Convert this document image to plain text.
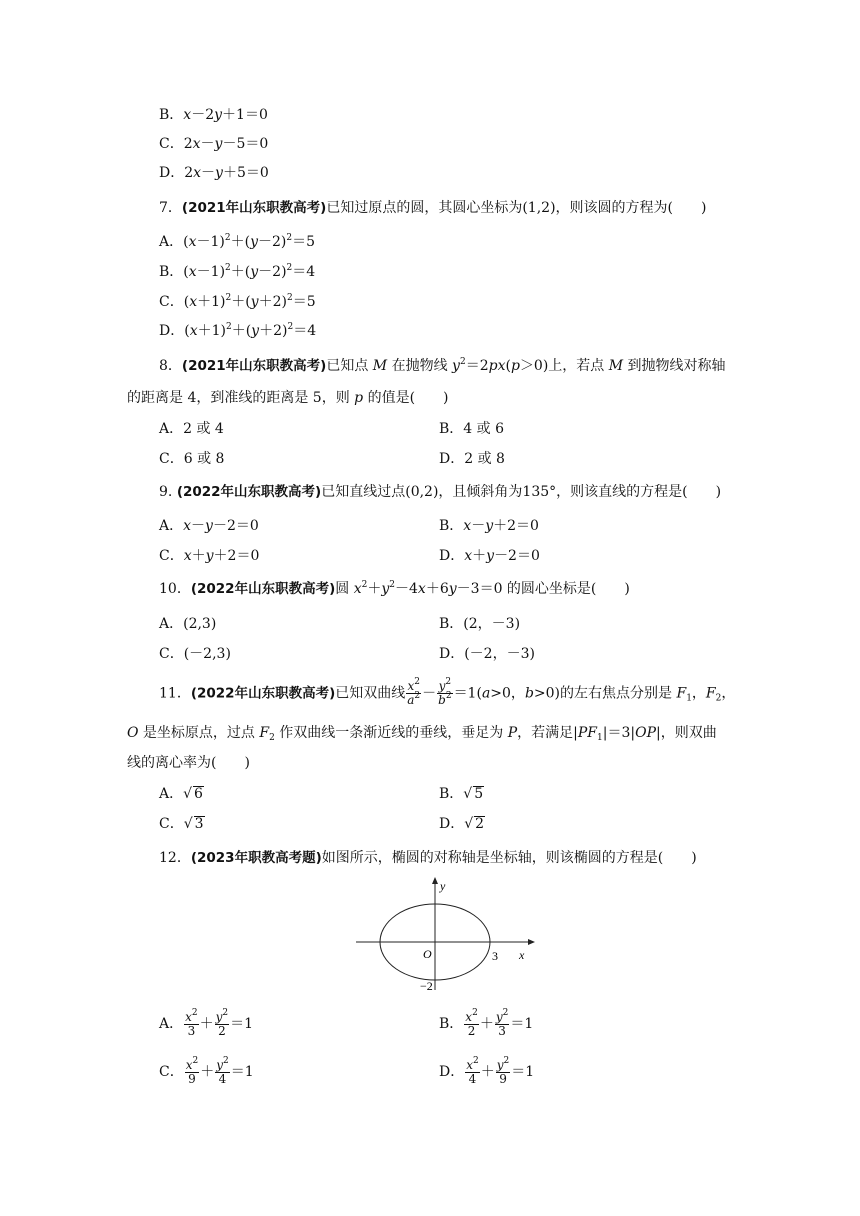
B．x－2y＋1＝0
C．2x－y－5＝0
D．2x－y＋5＝0
7．(2021年山东职教高考)已知过原点的圆，其圆心坐标为(1,2)，则该圆的方程为(　　)
A．$(x-1)^2+(y-2)^2=5$
B．$(x-1)^2+(y-2)^2=4$
C．$(x+1)^2+(y+2)^2=5$
D．$(x+1)^2+(y+2)^2=4$
8．(2021年山东职教高考)已知点 M 在抛物线 $y^2=2px(p>0)$上，若点 M 到抛物线对称轴
的距离是 4，到准线的距离是 5，则 p 的值是(　　)
A．2 或 4	B．4 或 6
C．6 或 8	D．2 或 8
9. (2022年山东职教高考)已知直线过点(0,2)，且倾斜角为135°，则该直线的方程是(　　)
A．x－y－2＝0	B．x－y＋2＝0
C．x＋y＋2＝0	D．x＋y－2＝0
10．(2022年山东职教高考)圆 $x^2+y^2-4x+6y-3=0$ 的圆心坐标是(　　)
A．(2,3)	B．(2，－3)
C．(－2,3)	D．(－2，－3)
11．(2022年山东职教高考)已知双曲线 $\frac{x^2}{a^2} - \frac{y^2}{b^2} =1(a>0$，b>0)的左右焦点分别是 $F_1$，$F_2$，
O 是坐标原点，过点 $F_2$ 作双曲线一条渐近线的垂线，垂足为 P，若满足$|PF_1|=3|OP|$，则双曲
线的离心率为(　　)
A．√ 6	B．√ 5
C．√ 3	D．√ 2
12．(2023年职教高考题)如图所示，椭圆的对称轴是坐标轴，则该椭圆的方程是(　　)
y
x
O	3
−2
A． $\frac{x^2}{3} + \frac{y^2}{2} =1$	B． $\frac{x^2}{2} + \frac{y^2}{3} =1$
C． $\frac{x^2}{9} + \frac{y^2}{4} =1$	D． $\frac{x^2}{4} + \frac{y^2}{9} =1$
